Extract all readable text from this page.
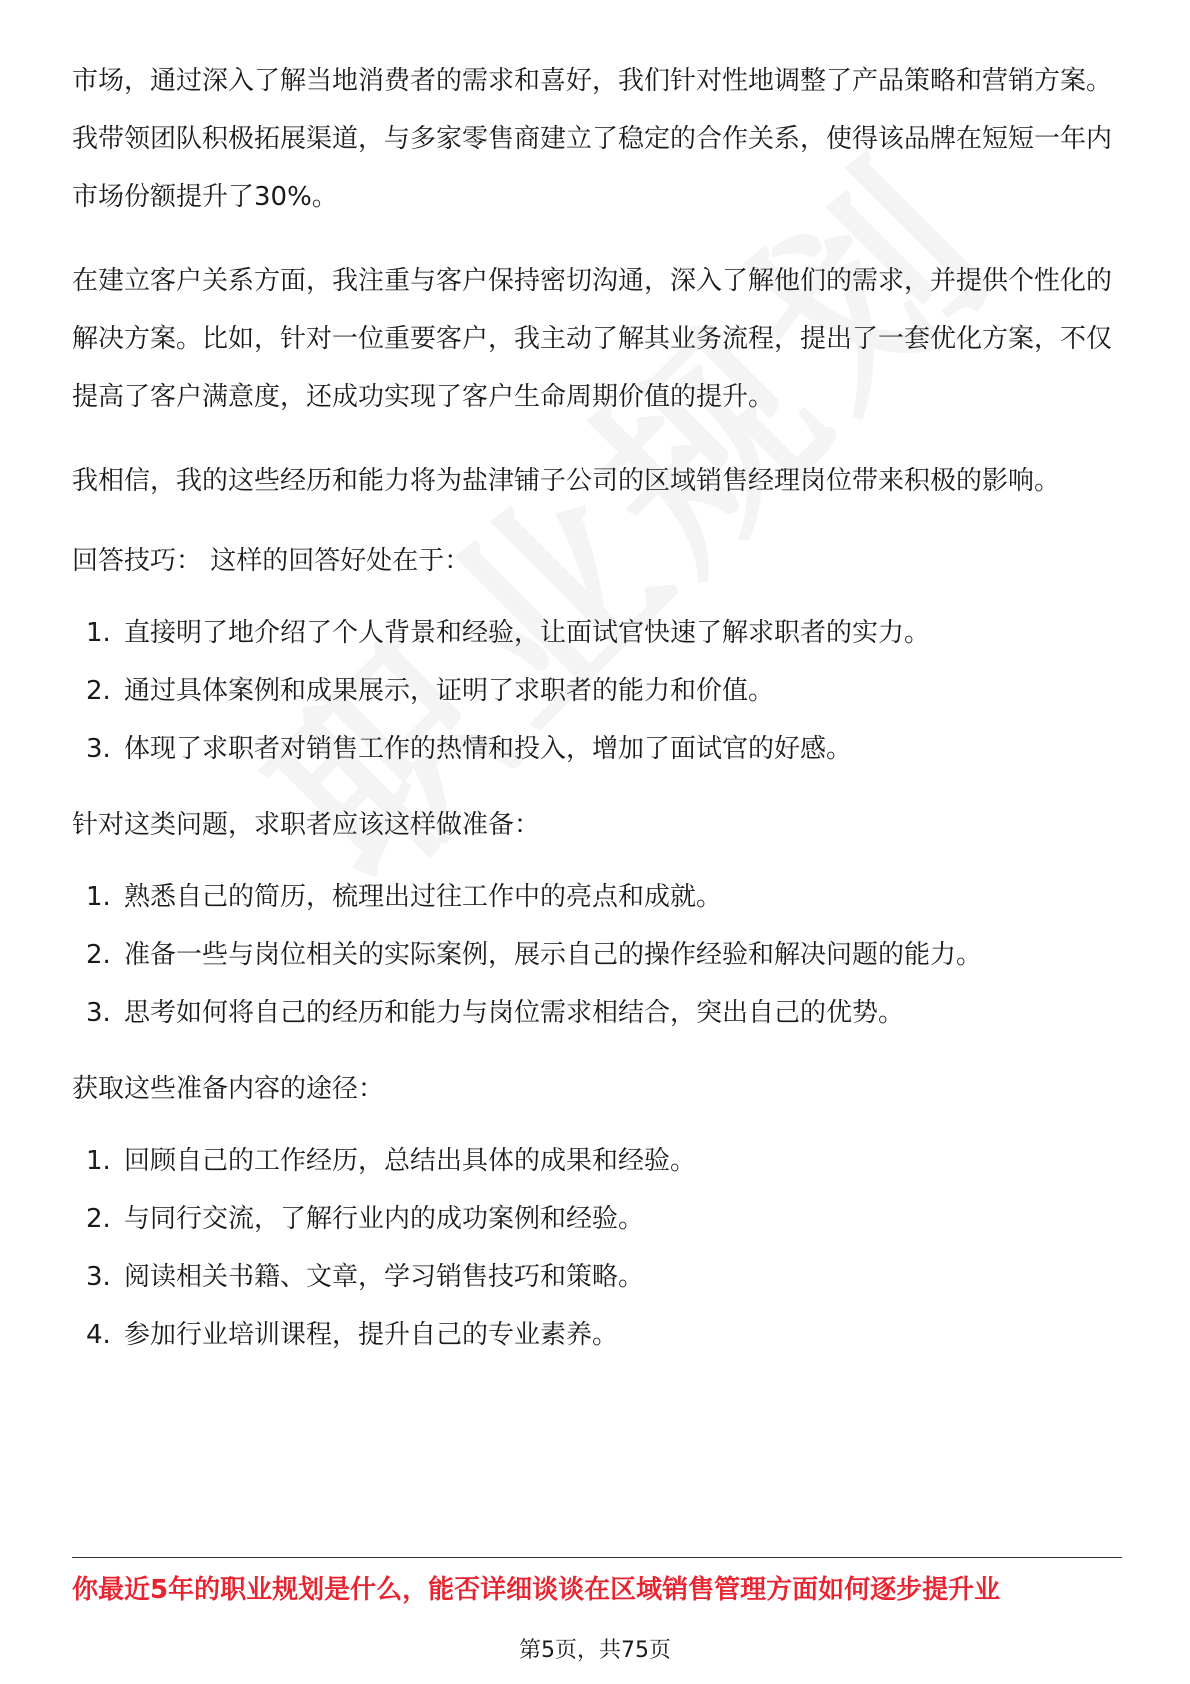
市场，通过深入了解当地消费者的需求和喜好，我们针对性地调整了产品策略和营销方案。我带领团队积极拓展渠道，与多家零售商建立了稳定的合作关系，使得该品牌在短短一年内市场份额提升了30%。

在建立客户关系方面，我注重与客户保持密切沟通，深入了解他们的需求，并提供个性化的解决方案。比如，针对一位重要客户，我主动了解其业务流程，提出了一套优化方案，不仅提高了客户满意度，还成功实现了客户生命周期价值的提升。

我相信，我的这些经历和能力将为盐津铺子公司的区域销售经理岗位带来积极的影响。

回答技巧： 这样的回答好处在于：

1. 直接明了地介绍了个人背景和经验，让面试官快速了解求职者的实力。
2. 通过具体案例和成果展示，证明了求职者的能力和价值。
3. 体现了求职者对销售工作的热情和投入，增加了面试官的好感。

针对这类问题，求职者应该这样做准备：

1. 熟悉自己的简历，梳理出过往工作中的亮点和成就。
2. 准备一些与岗位相关的实际案例，展示自己的操作经验和解决问题的能力。
3. 思考如何将自己的经历和能力与岗位需求相结合，突出自己的优势。

获取这些准备内容的途径：

1. 回顾自己的工作经历，总结出具体的成果和经验。
2. 与同行交流，了解行业内的成功案例和经验。
3. 阅读相关书籍、文章，学习销售技巧和策略。
4. 参加行业培训课程，提升自己的专业素养。
你最近5年的职业规划是什么，能否详细谈谈在区域销售管理方面如何逐步提升业
第5页，共75页
